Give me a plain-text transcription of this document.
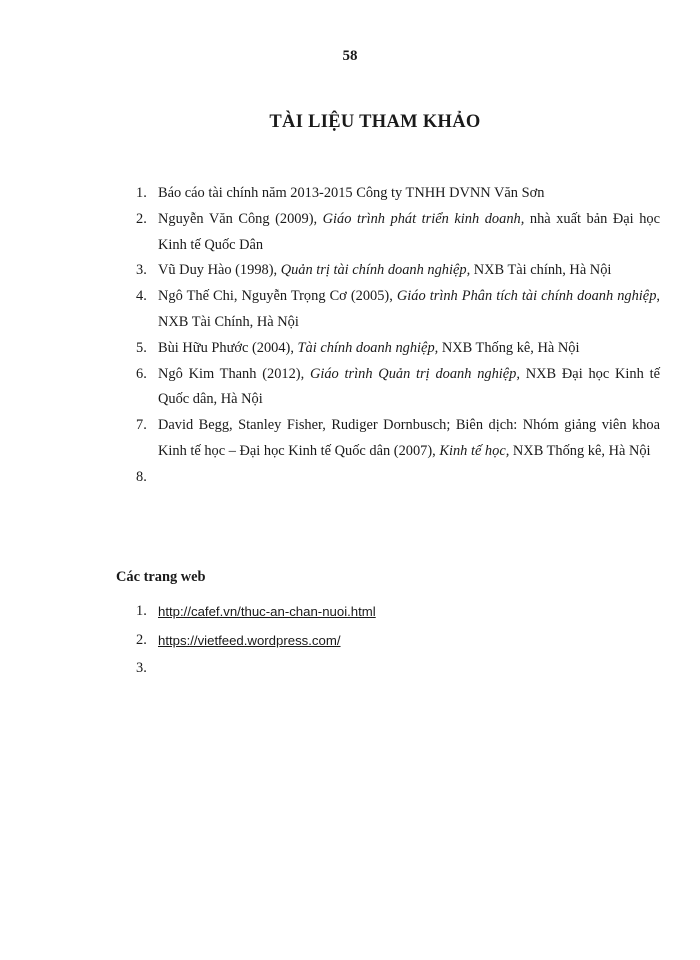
58
TÀI LIỆU THAM KHẢO
1. Báo cáo tài chính năm 2013-2015 Công ty TNHH DVNN Văn Sơn
2. Nguyễn Văn Công (2009), Giáo trình phát triển kinh doanh, nhà xuất bản Đại học Kinh tế Quốc Dân
3. Vũ Duy Hào (1998), Quản trị tài chính doanh nghiệp, NXB Tài chính, Hà Nội
4. Ngô Thế Chi, Nguyễn Trọng Cơ (2005), Giáo trình Phân tích tài chính doanh nghiệp, NXB Tài Chính, Hà Nội
5. Bùi Hữu Phước (2004), Tài chính doanh nghiệp, NXB Thống kê, Hà Nội
6. Ngô Kim Thanh (2012), Giáo trình Quản trị doanh nghiệp, NXB Đại học Kinh tế Quốc dân, Hà Nội
7. David Begg, Stanley Fisher, Rudiger Dornbusch; Biên dịch: Nhóm giảng viên khoa Kinh tế học – Đại học Kinh tế Quốc dân (2007), Kinh tế học, NXB Thống kê, Hà Nội
8.
Các trang web
1. http://cafef.vn/thuc-an-chan-nuoi.html
2. https://vietfeed.wordpress.com/
3.
